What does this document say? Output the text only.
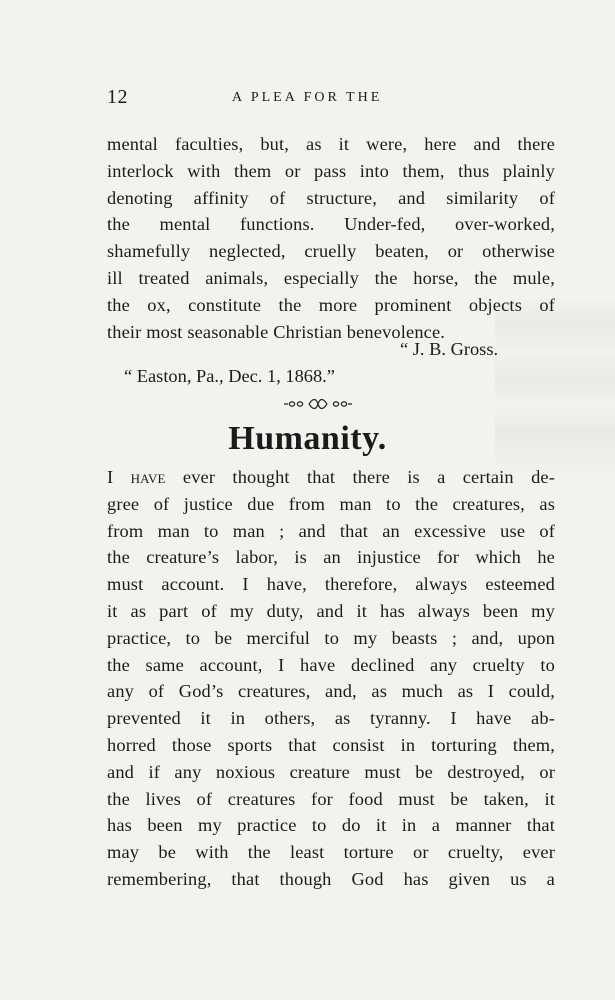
12	A PLEA FOR THE
mental faculties, but, as it were, here and there
interlock with them or pass into them, thus plainly
denoting affinity of structure, and similarity of
the mental functions. Under-fed, over-worked,
shamefully neglected, cruelly beaten, or otherwise
ill treated animals, especially the horse, the mule,
the ox, constitute the more prominent objects of
their most seasonable Christian benevolence.
“ J. B. Gross.
“ Easton, Pa., Dec. 1, 1868.”
Humanity.
I have ever thought that there is a certain de-
gree of justice due from man to the creatures, as
from man to man ; and that an excessive use of
the creature’s labor, is an injustice for which he
must account. I have, therefore, always esteemed
it as part of my duty, and it has always been my
practice, to be merciful to my beasts ; and, upon
the same account, I have declined any cruelty to
any of God’s creatures, and, as much as I could,
prevented it in others, as tyranny. I have ab-
horred those sports that consist in torturing them,
and if any noxious creature must be destroyed, or
the lives of creatures for food must be taken, it
has been my practice to do it in a manner that
may be with the least torture or cruelty, ever
remembering, that though God has given us a
